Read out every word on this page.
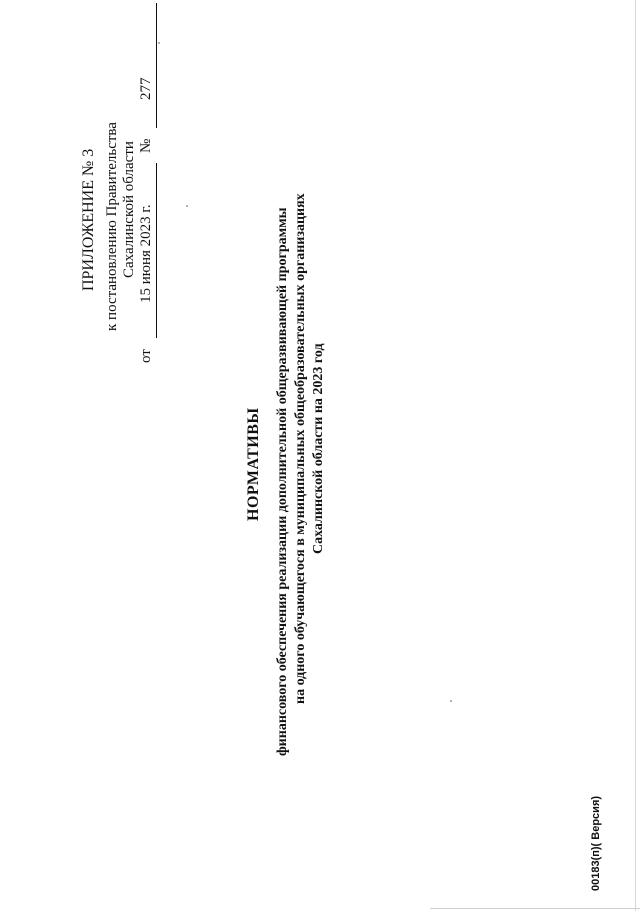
ПРИЛОЖЕНИЕ № 3 к постановлению Правительства Сахалинской области
от
15 июня 2023 г.
№
277
НОРМАТИВЫ финансового обеспечения реализации дополнительной общеразвивающей программы на одного обучающегося в муниципальных общеобразовательных организациях Сахалинской области на 2023 год
00183(п)( Версия)
